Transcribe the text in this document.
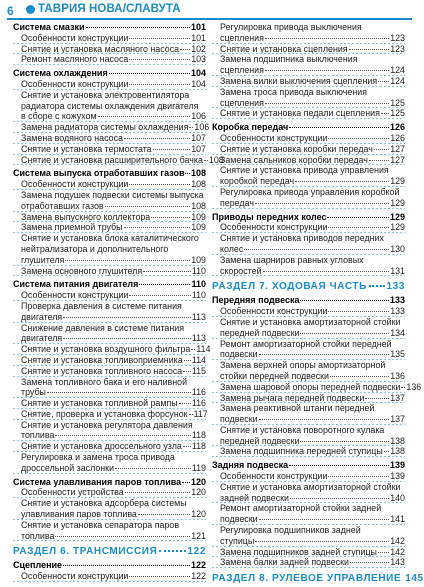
6 ТАВРИЯ НОВА/СЛАВУТА
Система смазки	101
Особенности конструкции	101
Снятие и установка масляного насоса 102
Ремонт масляного насоса	103
Система охлаждения	104
Особенности конструкции	104
Снятие и установка электровентилятора радиатора системы охлаждения двигателя
в сборе с кожухом	106
Замена радиатора системы охлаждения 106
Замена водяного насоса	107
Снятие и установка термостата	107
Снятие и установка расширительного бачка 108
Система выпуска отработавших газов 108
Особенности конструкции	108
Замена подушек подвески системы выпуска
отработавших газов	108
Замена выпускного коллектора	109
Замена приемной трубы	109
Снятие и установка блока каталитического нейтрализатора и дополнительного
глушителя	109
Замена основного глушителя	110
Система питания двигателя	110
Особенности конструкции	110
Проверка давления в системе питания
двигателя	113
Снижение давления в системе питания
двигателя	113
Снятие и установка воздушного фильтра 114
Снятие и установка топливоприемника 114
Снятие и установка топливного насоса 115
Замена топливного бака и его наливной
трубы	116
Снятие и установка топливной рампы 116
Снятие, проверка и установка форсунок 117
Снятие и установка регулятора давления
топлива	118
Снятие и установка дроссельного узла 118
Регулировка и замена троса привода
дроссельной заслонки	119
Система улавливания паров топлива 120
Особенности устройства	120
Снятие и установка адсорбера системы
улавливания паров топлива	120
Снятие и установка сепаратора паров
топлива	121
РАЗДЕЛ 6. ТРАНСМИССИЯ	122
Сцепление	122
Особенности конструкции	122
Регулировка привода выключения
сцепления	123
Снятие и установка сцепления	123
Замена подшипника выключения
сцепления	124
Замена вилки выключения сцепления 124
Замена троса привода выключения
сцепления	125
Снятие и установка педали сцепления 125
Коробка передач	126
Особенности конструкции	126
Снятие и установка коробки передач 127
Замена сальников коробки передач	127
Снятие и установка привода управления
коробкой передач	129
Регулировка привода управления коробкой
передач	129
Приводы передних колес	129
Особенности конструкции	129
Снятие и установка приводов передних
колес	130
Замена шарниров равных угловых
скоростей	131
РАЗДЕЛ 7. ХОДОВАЯ ЧАСТЬ 133
Передняя подвеска	133
Особенности конструкции	133
Снятие и установка амортизаторной стойки
передней подвески	134
Ремонт амортизаторной стойки передней
подвески	135
Замена верхней опоры амортизаторной
стойки передней подвески	136
Замена шаровой опоры передней подвески 136
Замена рычага передней подвески	137
Замена реактивной штанги передней
подвески	137
Снятие и установка поворотного кулака
передней подвески	138
Замена подшипника передней ступицы 138
Задняя подвеска	139
Особенности конструкции	139
Снятие и установка амортизаторной стойки
задней подвески	140
Ремонт амортизаторной стойки задней
подвески	141
Регулировка подшипников задней
ступицы	142
Замена подшипников задней ступицы 142
Замена балки задней подвески	143
РАЗДЕЛ 8. РУЛЕВОЕ УПРАВЛЕНИЕ 145
